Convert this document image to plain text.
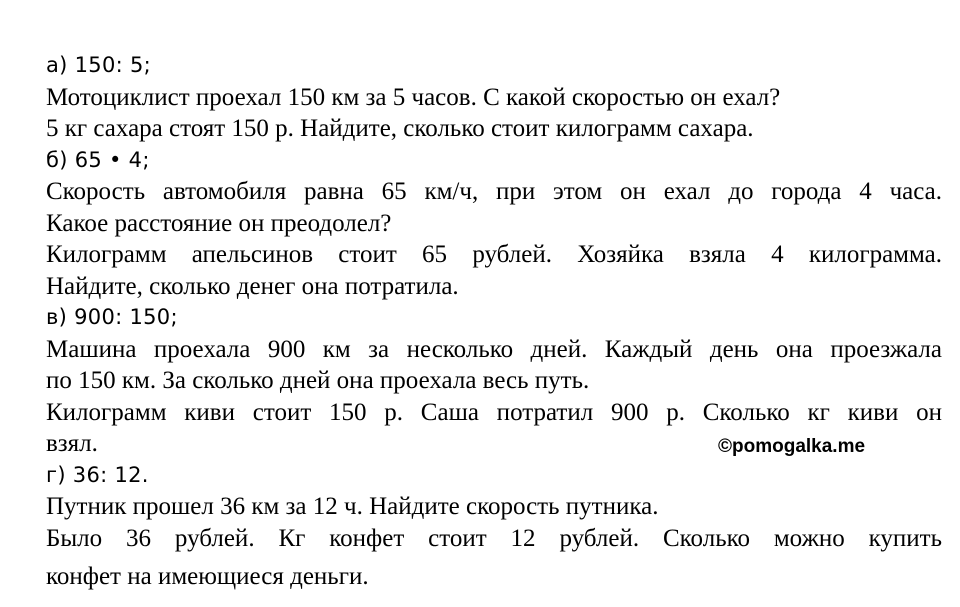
а) 150: 5;
Мотоциклист проехал 150 км за 5 часов. С какой скоростью он ехал?
5 кг сахара стоят 150 р. Найдите, сколько стоит килограмм сахара.
б) 65 • 4;
Скорость автомобиля равна 65 км/ч, при этом он ехал до города 4 часа.
Какое расстояние он преодолел?
Килограмм апельсинов стоит 65 рублей. Хозяйка взяла 4 килограмма.
Найдите, сколько денег она потратила.
в) 900: 150;
Машина проехала 900 км за несколько дней. Каждый день она проезжала
по 150 км. За сколько дней она проехала весь путь.
Килограмм киви стоит 150 р. Саша потратил 900 р. Сколько кг киви он
взял.
г) 36: 12.
Путник прошел 36 км за 12 ч. Найдите скорость путника.
Было 36 рублей. Кг конфет стоит 12 рублей. Сколько можно купить
конфет на имеющиеся деньги.
©pomogalka.me
